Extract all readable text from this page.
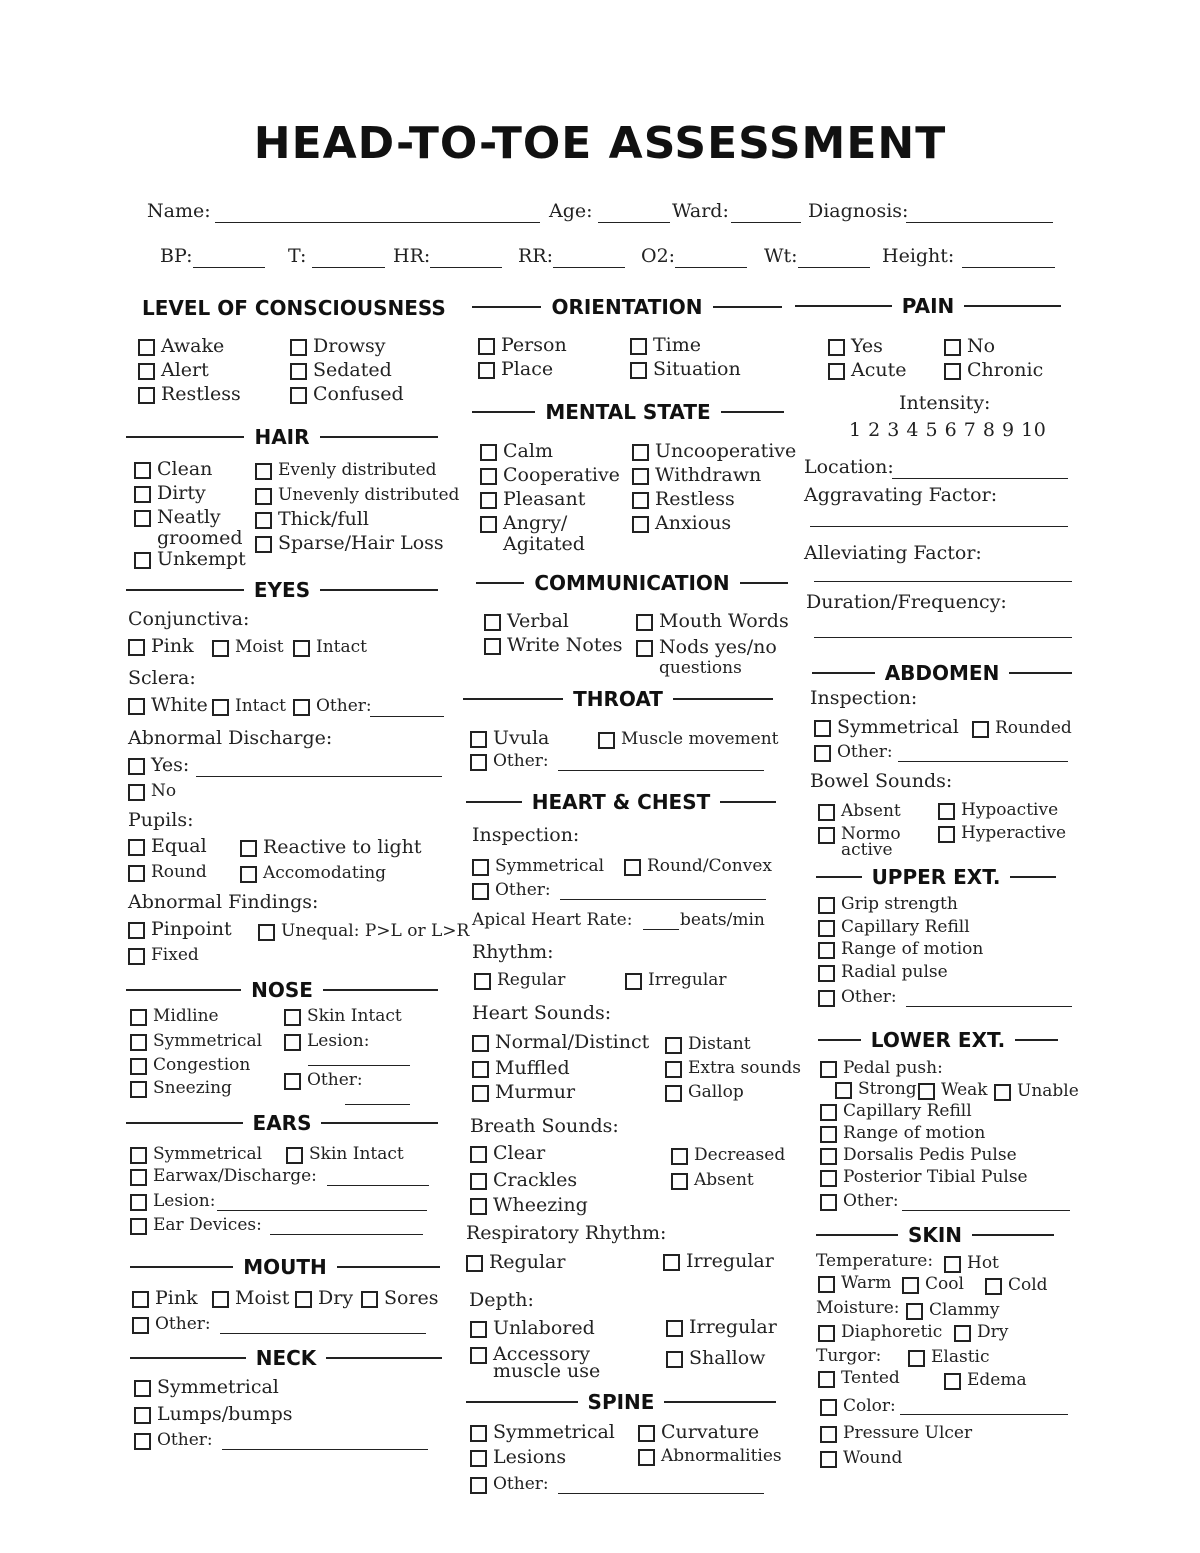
HEAD-TO-TOE ASSESSMENT
Name:	Age:	Ward:	Diagnosis:
BP:	T:	HR:	RR:	O2:	Wt:	Height:
LEVEL OF CONSCIOUSNESS
Awake
Alert
Restless
Drowsy
Sedated
Confused
HAIR
Clean
Dirty
Neatly
groomed
Unkempt
Evenly distributed
Unevenly distributed
Thick/full
Sparse/Hair Loss
EYES
Conjunctiva:
Pink Moist Intact
Sclera:
White Intact Other:
Abnormal Discharge:
Yes:
No
Pupils:
Equal
Round
Reactive to light
Accomodating
Abnormal Findings:
Pinpoint
Fixed
Unequal: P>L or L>R
NOSE
Midline
Symmetrical
Congestion
Sneezing
Skin Intact
Lesion:
Other:
EARS
Symmetrical	Skin Intact
Earwax/Discharge:
Lesion:
Ear Devices:
MOUTH
Pink Moist Dry Sores
Other:
NECK
Symmetrical
Lumps/bumps
Other:
ORIENTATION
Person
Place
Time
Situation
MENTAL STATE
Calm
Cooperative
Pleasant
Angry/
Agitated
Uncooperative
Withdrawn
Restless
Anxious
COMMUNICATION
Verbal
Write Notes
Mouth Words
Nods yes/no
questions
THROAT
Uvula	Muscle movement
Other:
HEART & CHEST
Inspection:
Symmetrical	Round/Convex
Other:
Apical Heart Rate:	beats/min
Rhythm:
Regular	Irregular
Heart Sounds:
Normal/Distinct
Muffled
Murmur
Distant
Extra sounds
Gallop
Breath Sounds:
Clear
Crackles
Wheezing
Decreased
Absent
Respiratory Rhythm:
Regular	Irregular
Depth:
Unlabored
Accessory
muscle use
Irregular
Shallow
SPINE
Symmetrical
Lesions
Other:
Curvature
Abnormalities
PAIN
Yes
Acute
No
Chronic
Intensity:
1 2 3 4 5 6 7 8 9 10
Location:
Aggravating Factor:
Alleviating Factor:
Duration/Frequency:
ABDOMEN
Inspection:
Symmetrical Rounded
Other:
Bowel Sounds:
Absent
Normo
active
Hypoactive
Hyperactive
UPPER EXT.
Grip strength
Capillary Refill
Range of motion
Radial pulse
Other:
LOWER EXT.
Pedal push:
Strong Weak Unable
Capillary Refill
Range of motion
Dorsalis Pedis Pulse
Posterior Tibial Pulse
Other:
SKIN
Temperature: Hot
Warm Cool	Cold
Moisture: Clammy
Diaphoretic Dry
Turgor:	Elastic
Tented	Edema
Color:
Pressure Ulcer
Wound
